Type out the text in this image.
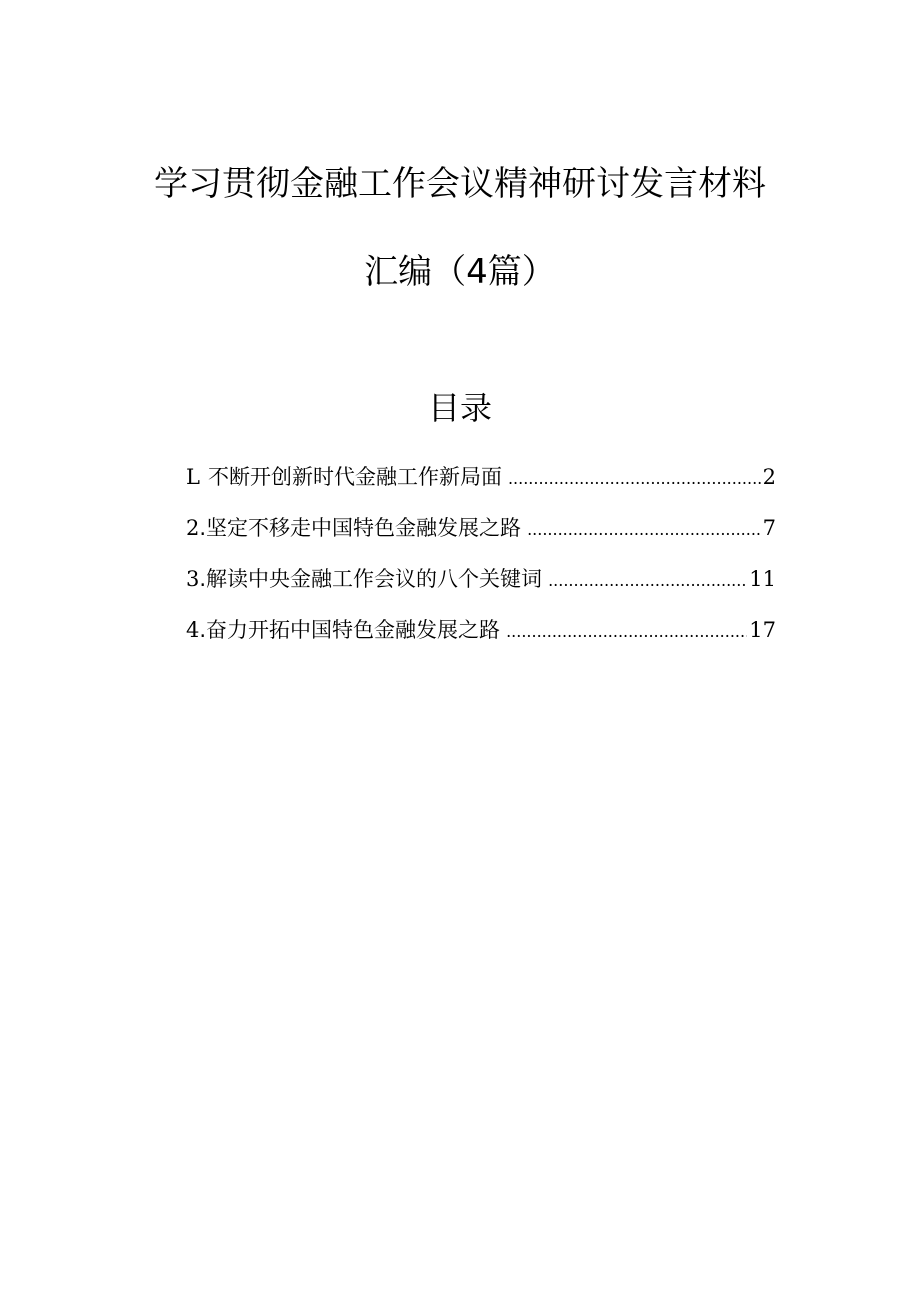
学习贯彻金融工作会议精神研讨发言材料
汇编（4篇）
目录
L 不断开创新时代金融工作新局面 .....	2
2 .坚定不移走中国特色金融发展之路 .....	7
3 .解读中央金融工作会议的八个关键词 .....	11
4 .奋力开拓中国特色金融发展之路 .....	17
